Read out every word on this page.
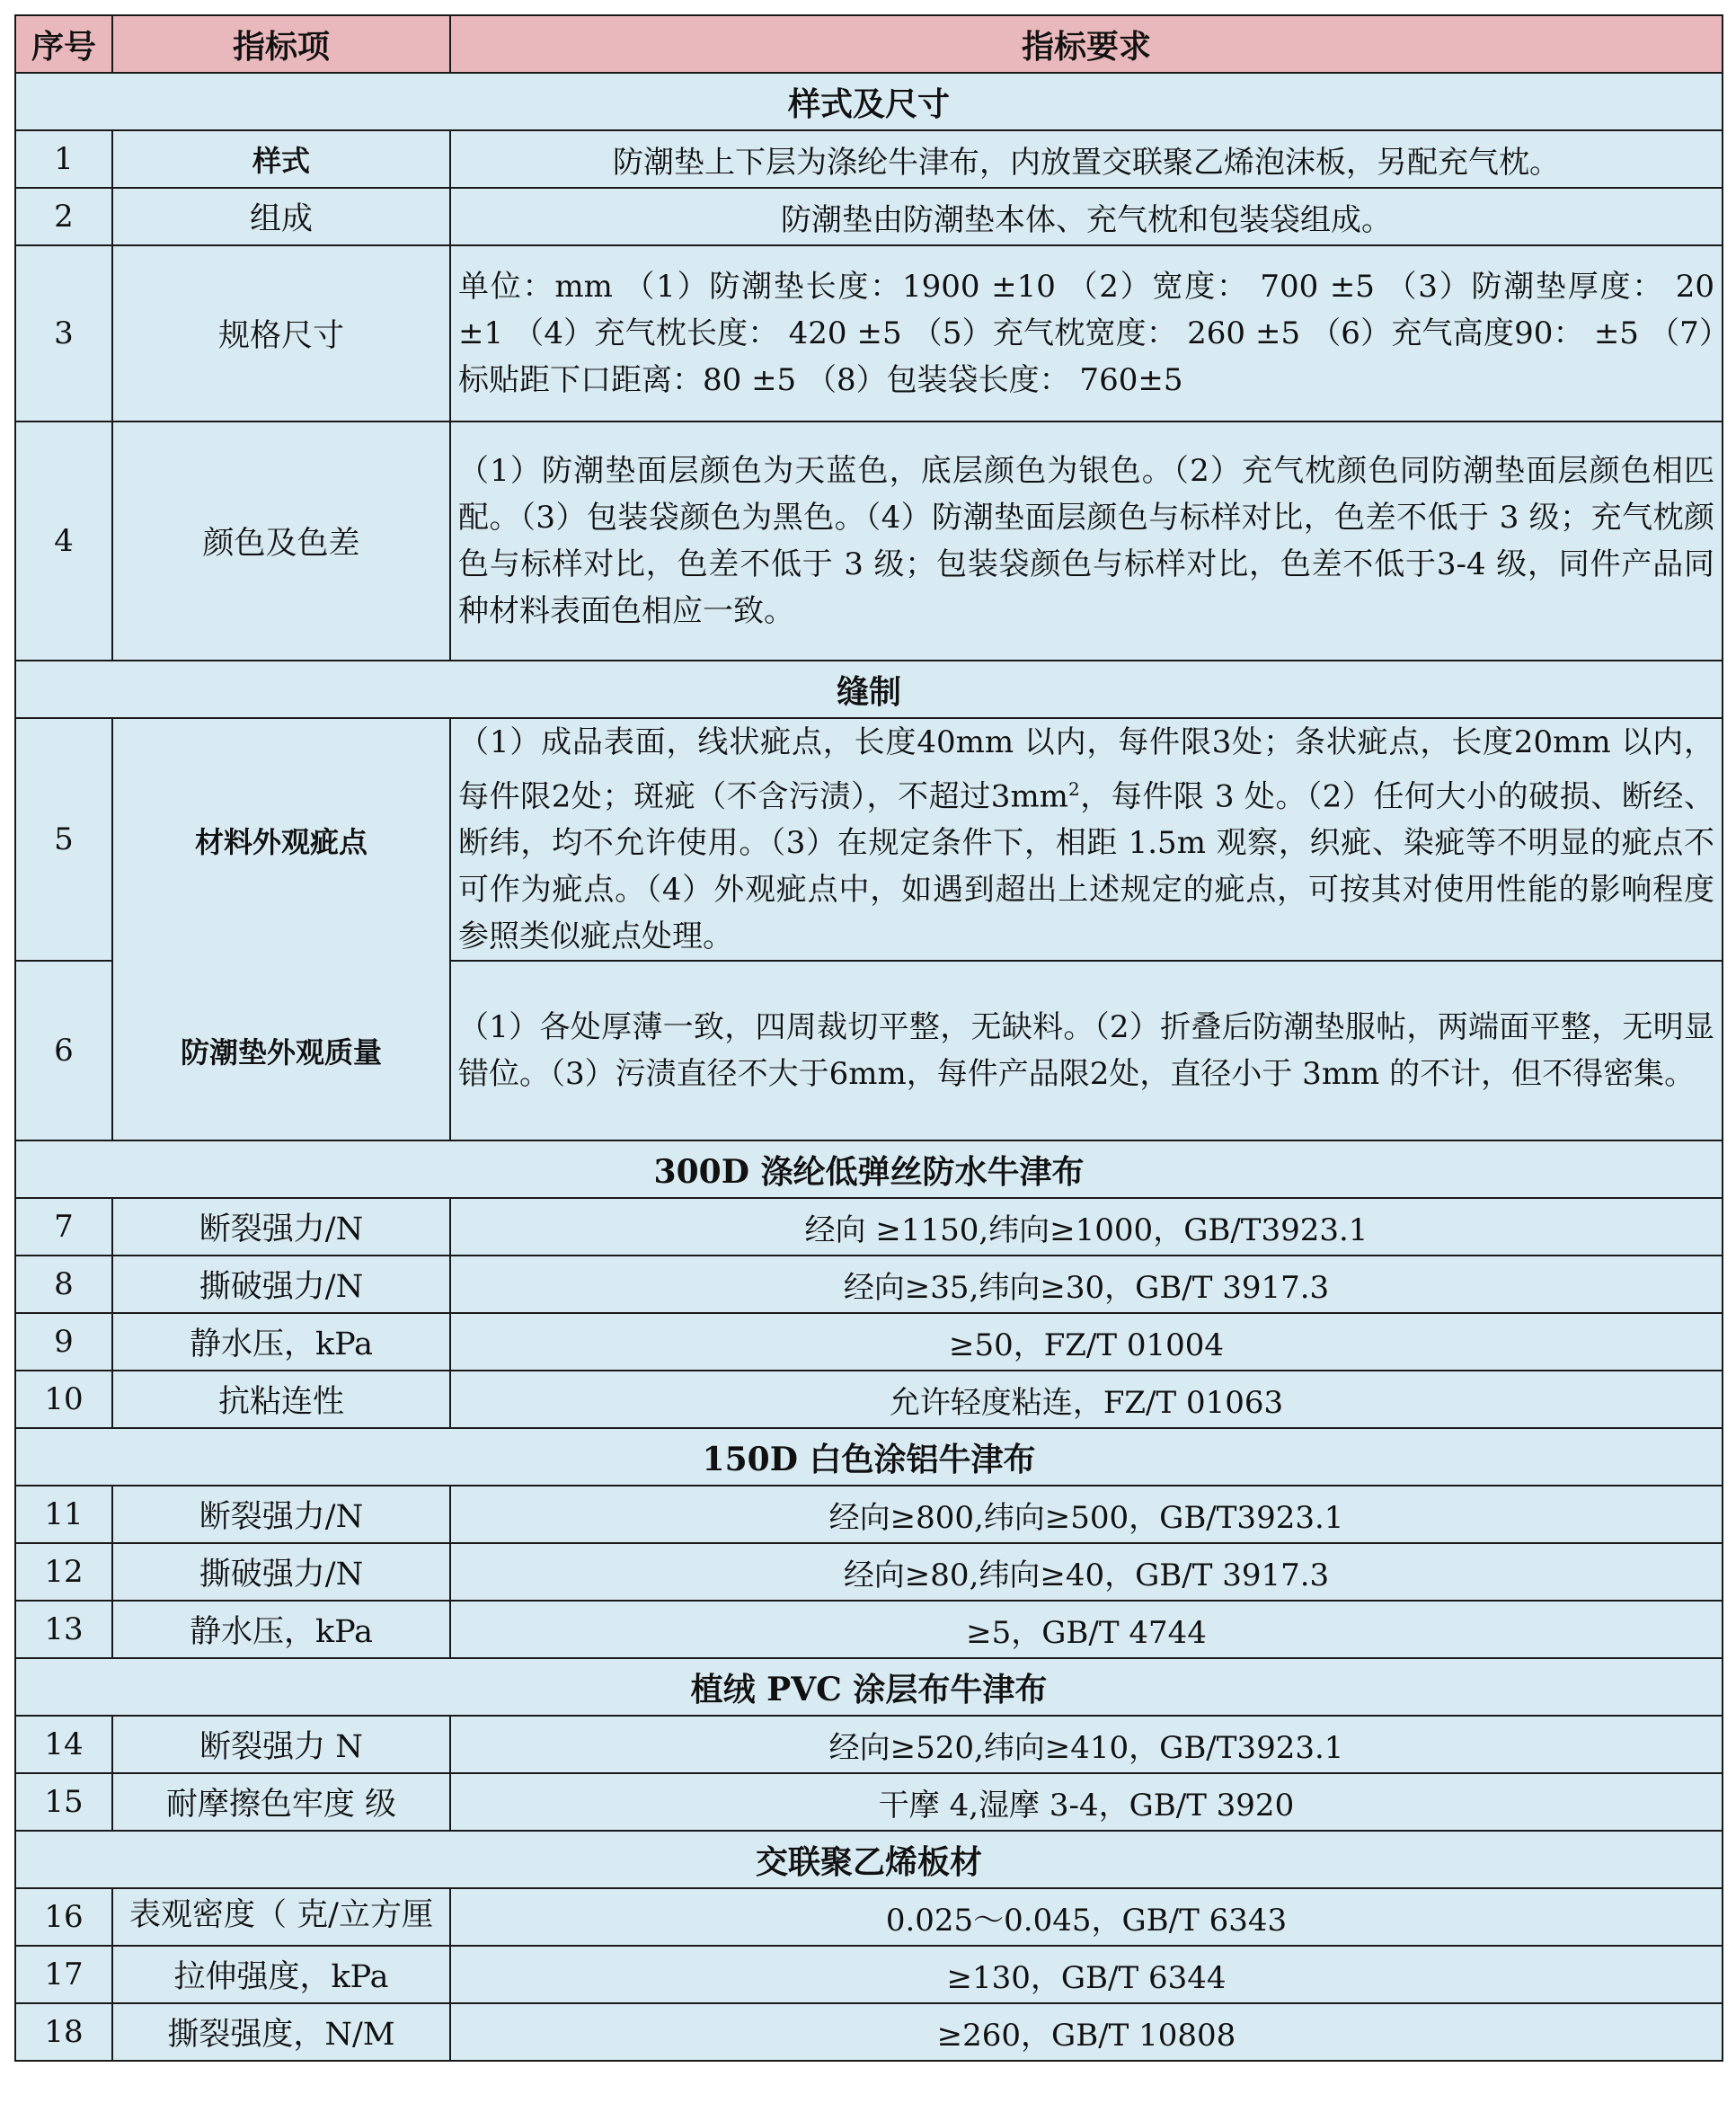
序号	指标项	指标要求
样式及尺寸		
1	样式	防潮垫上下层为涤纶牛津布，内放置交联聚乙烯泡沫板，另配充气枕。
2	组成	防潮垫由防潮垫本体、充气枕和包装袋组成。
3	规格尺寸	单位：mm （1）防潮垫长度：1900 ±10 （2）宽度： 700 ±5 （3）防潮垫厚度： 20 ±1 （4）充气枕长度： 420 ±5 （5）充气枕宽度： 260 ±5 （6）充气高度90： ±5 （7）标贴距下口距离：80 ±5 （8）包装袋长度： 760±5
4	颜色及色差	（1）防潮垫面层颜色为天蓝色，底层颜色为银色。（2）充气枕颜色同防潮垫面层颜色相匹配。（3）包装袋颜色为黑色。（4）防潮垫面层颜色与标样对比，色差不低于 3 级；充气枕颜色与标样对比，色差不低于 3 级；包装袋颜色与标样对比，色差不低于3-4 级，同件产品同种材料表面色相应一致。
缝制		
5	材料外观疵点	（1）成品表面，线状疵点，长度40mm 以内，每件限3处；条状疵点，长度20mm 以内，每件限2处；斑疵（不含污渍），不超过$3mm^2$，每件限 3 处。（2）任何大小的破损、断经、断纬，均不允许使用。（3）在规定条件下，相距 1.5m 观察，织疵、染疵等不明显的疵点不可作为疵点。（4）外观疵点中，如遇到超出上述规定的疵点，可按其对使用性能的影响程度参照类似疵点处理。
6	防潮垫外观质量	（1）各处厚薄一致，四周裁切平整，无缺料。（2）折叠后防潮垫服帖，两端面平整，无明显错位。（3）污渍直径不大于6mm，每件产品限2处，直径小于 3mm 的不计，但不得密集。
300D 涤纶低弹丝防水牛津布		
7	断裂强力/N	经向 ≥1150,纬向≥1000，GB/T3923.1
8	撕破强力/N	经向≥35,纬向≥30，GB/T 3917.3
9	静水压，kPa	≥50，FZ/T 01004
10	抗粘连性	允许轻度粘连，FZ/T 01063
150D 白色涂铝牛津布		
11	断裂强力/N	经向≥800,纬向≥500，GB/T3923.1
12	撕破强力/N	经向≥80,纬向≥40，GB/T 3917.3
13	静水压，kPa	≥5，GB/T 4744
植绒 PVC 涂层布牛津布		
14	断裂强力 N	经向≥520,纬向≥410，GB/T3923.1
15	耐摩擦色牢度 级	干摩 4,湿摩 3-4，GB/T 3920
交联聚乙烯板材		
16	表观密度（ 克/立方厘	0.025～0.045，GB/T 6343
17	拉伸强度，kPa	≥130，GB/T 6344
18	撕裂强度，N/M	≥260，GB/T 10808
